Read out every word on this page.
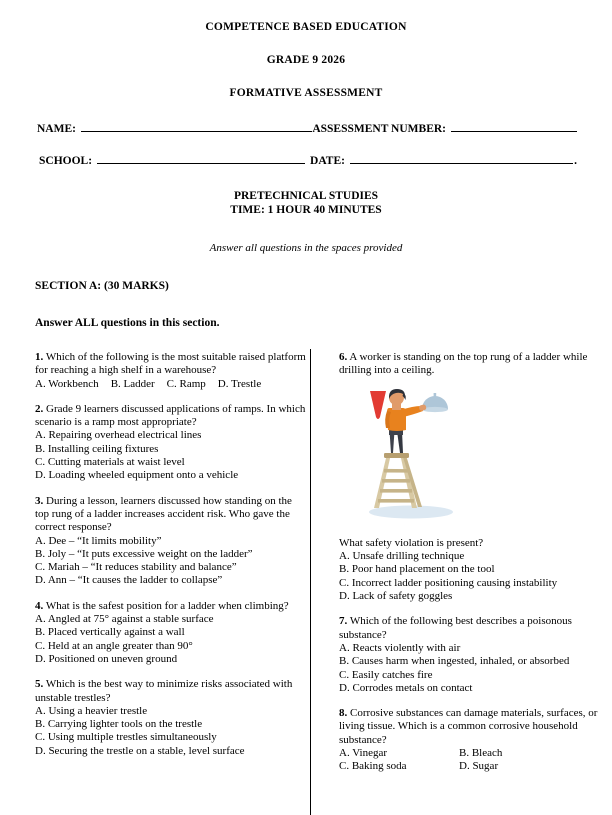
COMPETENCE BASED EDUCATION
GRADE 9 2026
FORMATIVE ASSESSMENT
NAME:	ASSESSMENT NUMBER:
SCHOOL:	DATE:	.
PRETECHNICAL STUDIES
TIME: 1 HOUR 40 MINUTES
Answer all questions in the spaces provided
SECTION A: (30 MARKS)
Answer ALL questions in this section.

1. Which of the following is the most suitable raised platform for reaching a high shelf in a warehouse?

A. Workbench B. Ladder C. Ramp D. Trestle

2. Grade 9 learners discussed applications of ramps. In which scenario is a ramp most appropriate?

A. Repairing overhead electrical lines

B. Installing ceiling fixtures

C. Cutting materials at waist level

D. Loading wheeled equipment onto a vehicle

3. During a lesson, learners discussed how standing on the top rung of a ladder increases accident risk. Who gave the correct response?

A. Dee – “It limits mobility”

B. Joly – “It puts excessive weight on the ladder”

C. Mariah – “It reduces stability and balance”

D. Ann – “It causes the ladder to collapse”

4. What is the safest position for a ladder when climbing?

A. Angled at 75° against a stable surface

B. Placed vertically against a wall

C. Held at an angle greater than 90°

D. Positioned on uneven ground

5. Which is the best way to minimize risks associated with unstable trestles?

A. Using a heavier trestle

B. Carrying lighter tools on the trestle

C. Using multiple trestles simultaneously

D. Securing the trestle on a stable, level surface

6. A worker is standing on the top rung of a ladder while drilling into a ceiling.

What safety violation is present?

A. Unsafe drilling technique

B. Poor hand placement on the tool

C. Incorrect ladder positioning causing instability

D. Lack of safety goggles

7. Which of the following best describes a poisonous substance?

A. Reacts violently with air

B. Causes harm when ingested, inhaled, or absorbed

C. Easily catches fire

D. Corrodes metals on contact

8. Corrosive substances can damage materials, surfaces, or living tissue. Which is a common corrosive household substance?

A. Vinegar	B. Bleach
C. Baking soda	D. Sugar
